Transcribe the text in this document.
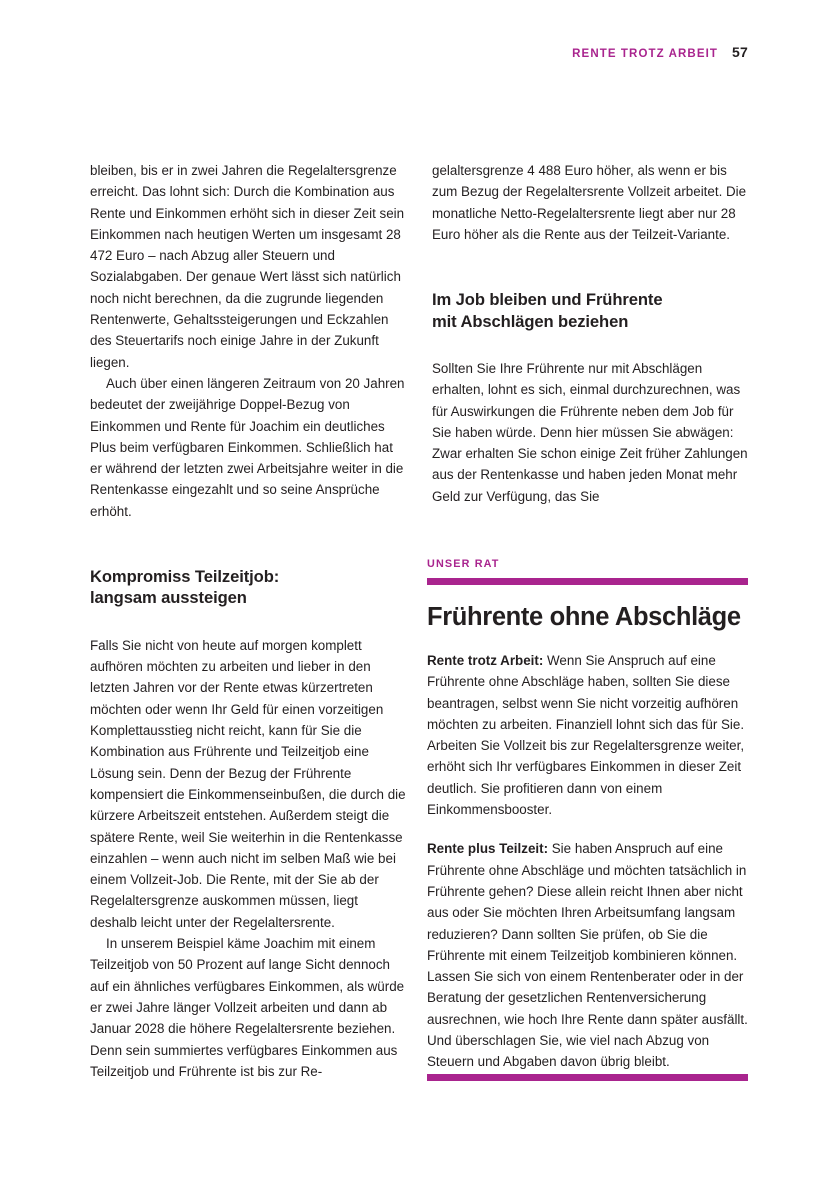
RENTE TROTZ ARBEIT 57

bleiben, bis er in zwei Jahren die Regelaltersgrenze erreicht. Das lohnt sich: Durch die Kombination aus Rente und Einkommen erhöht sich in dieser Zeit sein Einkommen nach heutigen Werten um insgesamt 28 472 Euro – nach Abzug aller Steuern und Sozialabgaben. Der genaue Wert lässt sich natürlich noch nicht berechnen, da die zugrunde liegenden Rentenwerte, Gehaltssteigerungen und Eckzahlen des Steuertarifs noch einige Jahre in der Zukunft liegen.

Auch über einen längeren Zeitraum von 20 Jahren bedeutet der zweijährige Doppel-Bezug von Einkommen und Rente für Joachim ein deutliches Plus beim verfügbaren Einkommen. Schließlich hat er während der letzten zwei Arbeitsjahre weiter in die Rentenkasse eingezahlt und so seine Ansprüche erhöht.

Kompromiss Teilzeitjob:
langsam aussteigen

Falls Sie nicht von heute auf morgen komplett aufhören möchten zu arbeiten und lieber in den letzten Jahren vor der Rente etwas kürzertreten möchten oder wenn Ihr Geld für einen vorzeitigen Komplettausstieg nicht reicht, kann für Sie die Kombination aus Frührente und Teilzeitjob eine Lösung sein. Denn der Bezug der Frührente kompensiert die Einkommenseinbußen, die durch die kürzere Arbeitszeit entstehen. Außerdem steigt die spätere Rente, weil Sie weiterhin in die Rentenkasse einzahlen – wenn auch nicht im selben Maß wie bei einem Vollzeit-Job. Die Rente, mit der Sie ab der Regelaltersgrenze auskommen müssen, liegt deshalb leicht unter der Regelaltersrente.

In unserem Beispiel käme Joachim mit einem Teilzeitjob von 50 Prozent auf lange Sicht dennoch auf ein ähnliches verfügbares Einkommen, als würde er zwei Jahre länger Vollzeit arbeiten und dann ab Januar 2028 die höhere Regelaltersrente beziehen. Denn sein summiertes verfügbares Einkommen aus Teilzeitjob und Frührente ist bis zur Re-

gelaltersgrenze 4 488 Euro höher, als wenn er bis zum Bezug der Regelaltersrente Vollzeit arbeitet. Die monatliche Netto-Regelaltersrente liegt aber nur 28 Euro höher als die Rente aus der Teilzeit-Variante.

Im Job bleiben und Frührente
mit Abschlägen beziehen

Sollten Sie Ihre Frührente nur mit Abschlägen erhalten, lohnt es sich, einmal durchzurechnen, was für Auswirkungen die Frührente neben dem Job für Sie haben würde. Denn hier müssen Sie abwägen: Zwar erhalten Sie schon einige Zeit früher Zahlungen aus der Rentenkasse und haben jeden Monat mehr Geld zur Verfügung, das Sie

UNSER RAT
Frührente ohne Abschläge

Rente trotz Arbeit: Wenn Sie Anspruch auf eine Frührente ohne Abschläge haben, sollten Sie diese beantragen, selbst wenn Sie nicht vorzeitig aufhören möchten zu arbeiten. Finanziell lohnt sich das für Sie. Arbeiten Sie Vollzeit bis zur Regelaltersgrenze weiter, erhöht sich Ihr verfügbares Einkommen in dieser Zeit deutlich. Sie profitieren dann von einem Einkommensbooster.

Rente plus Teilzeit: Sie haben Anspruch auf eine Frührente ohne Abschläge und möchten tatsächlich in Frührente gehen? Diese allein reicht Ihnen aber nicht aus oder Sie möchten Ihren Arbeitsumfang langsam reduzieren? Dann sollten Sie prüfen, ob Sie die Frührente mit einem Teilzeitjob kombinieren können. Lassen Sie sich von einem Rentenberater oder in der Beratung der gesetzlichen Rentenversicherung ausrechnen, wie hoch Ihre Rente dann später ausfällt. Und überschlagen Sie, wie viel nach Abzug von Steuern und Abgaben davon übrig bleibt.
